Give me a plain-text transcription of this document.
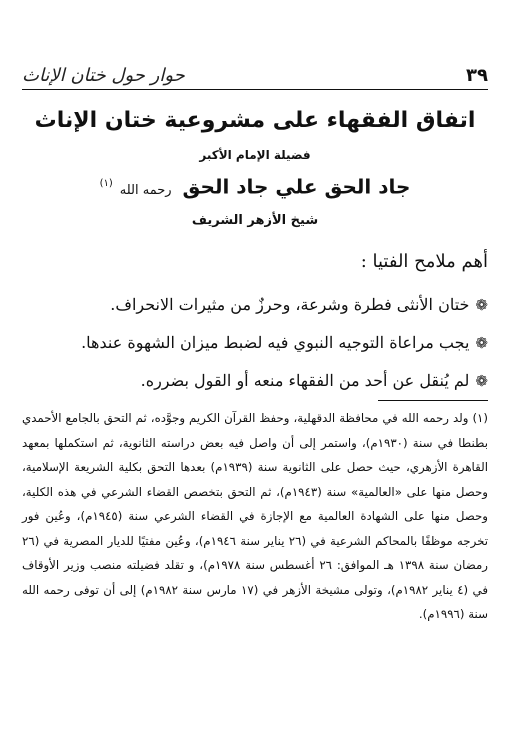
٣٩
حوار حول ختان الإناث
اتفاق الفقهاء على مشروعية ختان الإناث
فضيلة الإمام الأكبر
جاد الحق علي جاد الحق رحمه الله $^{(١)}$
شيخ الأزهر الشريف

أهم ملامح الفتيا :

❁
ختان الأنثى فطرة وشرعة، وحرزٌ من مثيرات الانحراف.
❁
يجب مراعاة التوجيه النبوي فيه لضبط ميزان الشهوة عندها.
❁
لم يُنقل عن أحد من الفقهاء منعه أو القول بضرره.
(١) ولد رحمه الله في محافظة الدقهلية، وحفظ القرآن الكريم وجوَّده، ثم التحق بالجامع الأحمدي بطنطا في سنة (١٩٣٠م)، واستمر إلى أن واصل فيه بعض دراسته الثانوية، ثم استكملها بمعهد القاهرة الأزهري، حيث حصل على الثانوية سنة (١٩٣٩م) بعدها التحق بكلية الشريعة الإسلامية، وحصل منها على «العالمية» سنة (١٩٤٣م)، ثم التحق بتخصص القضاء الشرعي في هذه الكلية، وحصل منها على الشهادة العالمية مع الإجازة في القضاء الشرعي سنة (١٩٤٥م)، وعُين فور تخرجه موظفًا بالمحاكم الشرعية في (٢٦ يناير سنة ١٩٤٦م)، وعُين مفتيًا للديار المصرية في (٢٦ رمضان سنة ١٣٩٨ هـ الموافق: ٢٦ أغسطس سنة ١٩٧٨م)، و تقلد فضيلته منصب وزير الأوقاف في (٤ يناير ١٩٨٢م)، وتولى مشيخة الأزهر في (١٧ مارس سنة ١٩٨٢م) إلى أن توفى رحمه الله سنة (١٩٩٦م).
